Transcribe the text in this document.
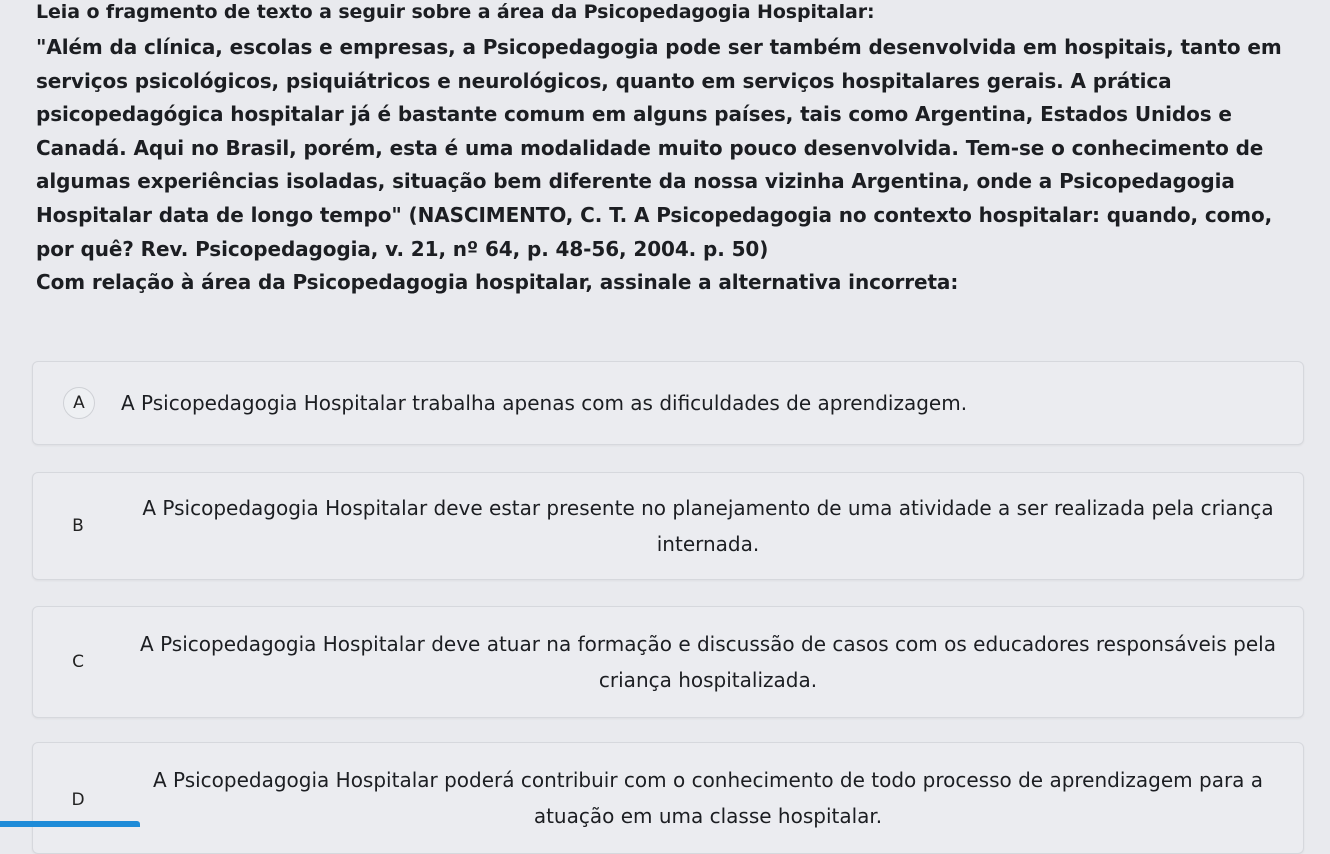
Leia o fragmento de texto a seguir sobre a área da Psicopedagogia Hospitalar:

"Além da clínica, escolas e empresas, a Psicopedagogia pode ser também desenvolvida em hospitais, tanto em serviços psicológicos, psiquiátricos e neurológicos, quanto em serviços hospitalares gerais. A prática psicopedagógica hospitalar já é bastante comum em alguns países, tais como Argentina, Estados Unidos e Canadá. Aqui no Brasil, porém, esta é uma modalidade muito pouco desenvolvida. Tem-se o conhecimento de algumas experiências isoladas, situação bem diferente da nossa vizinha Argentina, onde a Psicopedagogia Hospitalar data de longo tempo" (NASCIMENTO, C. T. A Psicopedagogia no contexto hospitalar: quando, como, por quê? Rev. Psicopedagogia, v. 21, nº 64, p. 48-56, 2004. p. 50)

Com relação à área da Psicopedagogia hospitalar, assinale a alternativa incorreta:

A	A Psicopedagogia Hospitalar trabalha apenas com as dificuldades de aprendizagem.
B
A Psicopedagogia Hospitalar deve estar presente no planejamento de uma atividade a ser realizada pela criança internada.
C
A Psicopedagogia Hospitalar deve atuar na formação e discussão de casos com os educadores responsáveis pela criança hospitalizada.
D
A Psicopedagogia Hospitalar poderá contribuir com o conhecimento de todo processo de aprendizagem para a atuação em uma classe hospitalar.
